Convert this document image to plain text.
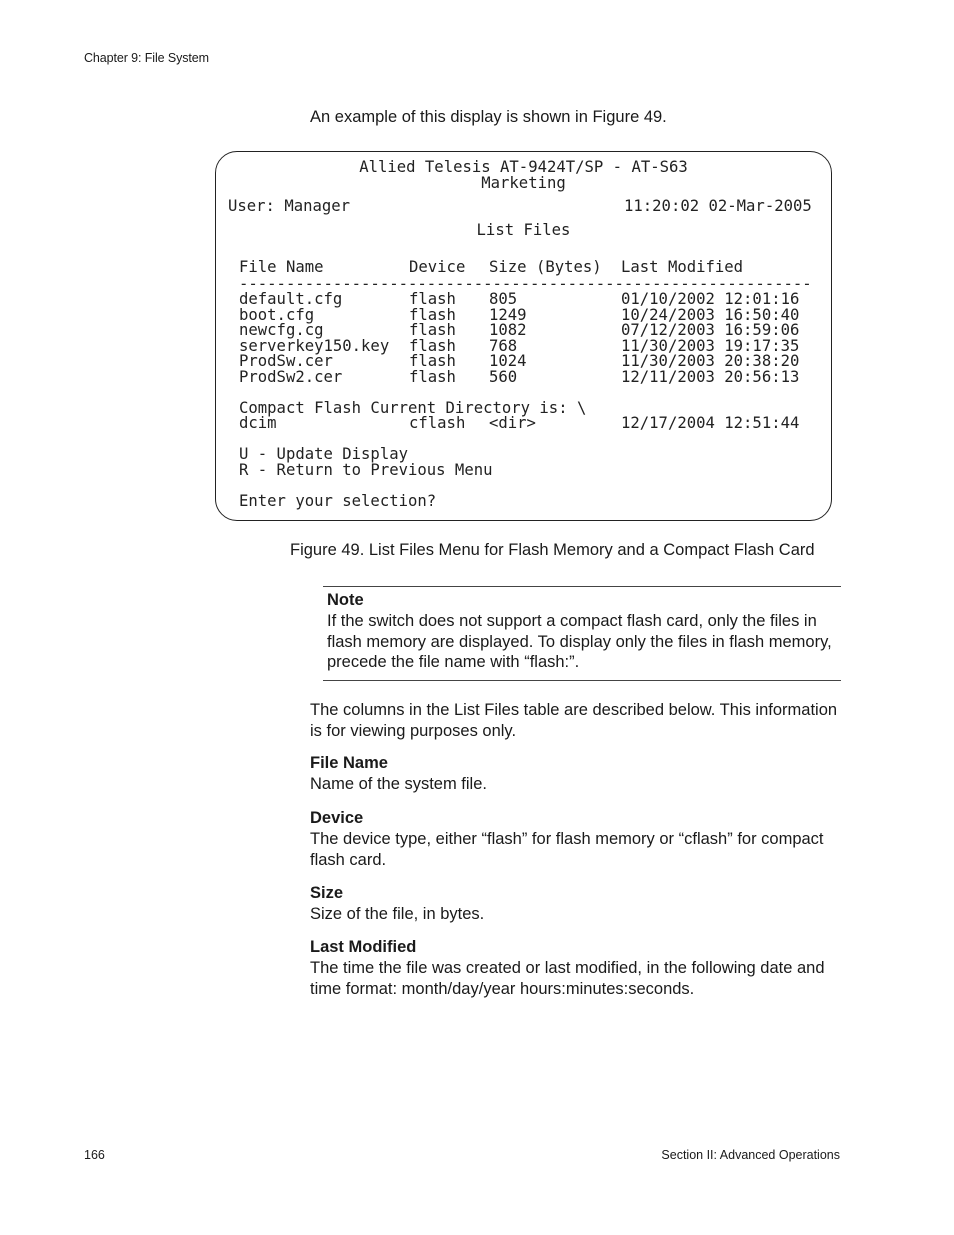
Chapter 9: File System
An example of this display is shown in Figure 49.
Allied Telesis AT-9424T/SP - AT-S63
Marketing
User: Manager	11:20:02 02-Mar-2005
List Files
File Name	Device Size (Bytes) Last Modified
-------------------------------------------------------------
default.cfg	flash 805	01/10/2002 12:01:16
boot.cfg	flash 1249	10/24/2003 16:50:40
newcfg.cg	flash 1082	07/12/2003 16:59:06
serverkey150.key flash 768	11/30/2003 19:17:35
ProdSw.cer	flash 1024	11/30/2003 20:38:20
ProdSw2.cer	flash 560	12/11/2003 20:56:13
Compact Flash Current Directory is: \
dcim	cflash <dir>	12/17/2004 12:51:44
U - Update Display
R - Return to Previous Menu
Enter your selection?
Figure 49. List Files Menu for Flash Memory and a Compact Flash Card
Note
If the switch does not support a compact flash card, only the files in flash memory are displayed. To display only the files in flash memory, precede the file name with “flash:”.
The columns in the List Files table are described below. This information is for viewing purposes only.
File Name
Name of the system file.
Device
The device type, either “flash” for flash memory or “cflash” for compact flash card.
Size
Size of the file, in bytes.
Last Modified
The time the file was created or last modified, in the following date and time format: month/day/year hours:minutes:seconds.
166	Section II: Advanced Operations
